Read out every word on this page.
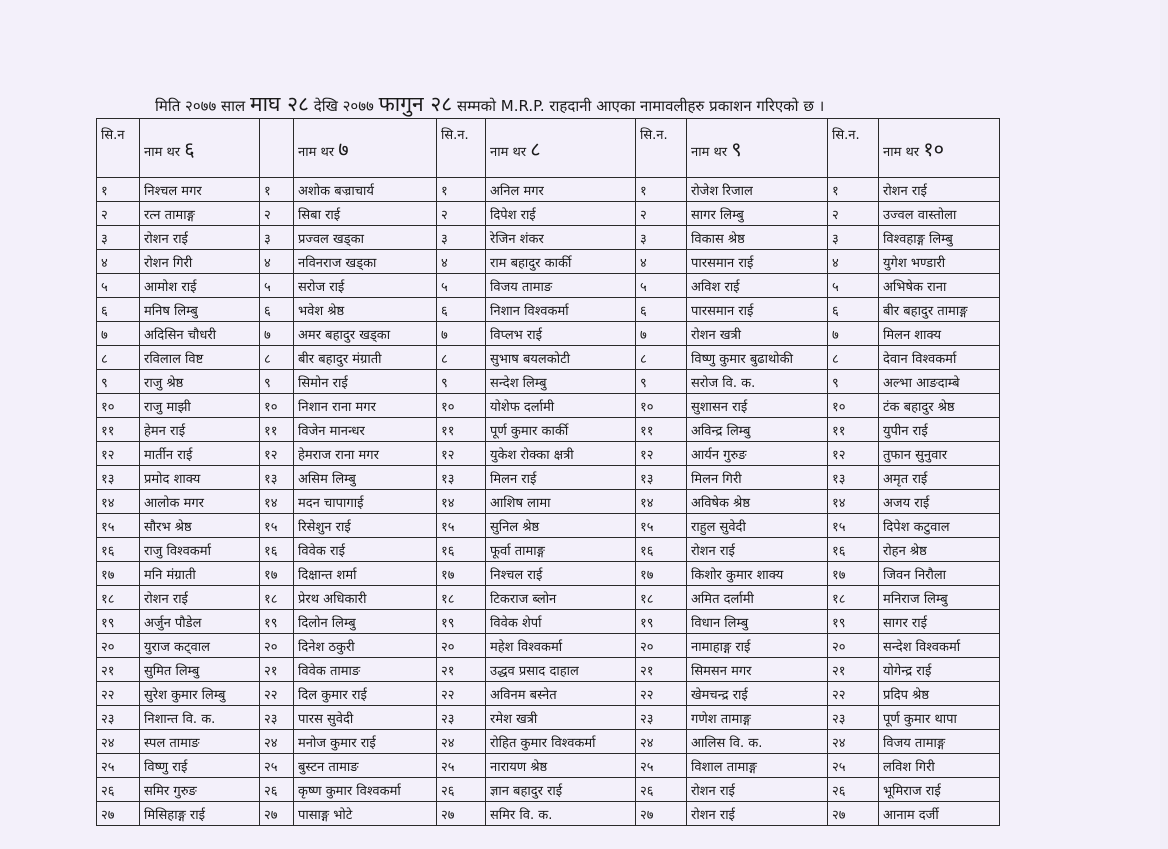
मिति २०७७ साल माघ २८ देखि २०७७ फागुन २८ सम्मको M.R.P. राहदानी आएका नामावलीहरु प्रकाशन गरिएको छ ।
सि.न	नाम थर ६		नाम थर ७	सि.न.	नाम थर ८	सि.न.	नाम थर ९	सि.न.	नाम थर १०
१	निश्चल मगर	१	अशोक बज्राचार्य	१	अनिल मगर	१	रोजेश रिजाल	१	रोशन राई
२	रत्न तामाङ्ग	२	सिबा राई	२	दिपेश राई	२	सागर लिम्बु	२	उज्वल वास्तोला
३	रोशन राई	३	प्रज्वल खड्का	३	रेजिन शंकर	३	विकास श्रेष्ठ	३	विश्वहाङ्ग लिम्बु
४	रोशन गिरी	४	नविनराज खड्का	४	राम बहादुर कार्की	४	पारसमान राई	४	युगेश भण्डारी
५	आमोश राई	५	सरोज राई	५	विजय तामाङ	५	अविश राई	५	अभिषेक राना
६	मनिष लिम्बु	६	भवेश श्रेष्ठ	६	निशान विश्वकर्मा	६	पारसमान राई	६	बीर बहादुर तामाङ्ग
७	अदिसिन चौधरी	७	अमर बहादुर खड्का	७	विप्लभ राई	७	रोशन खत्री	७	मिलन शाक्य
८	रविलाल विष्ट	८	बीर बहादुर मंग्राती	८	सुभाष बयलकोटी	८	विष्णु कुमार बुढाथोकी	८	देवान विश्वकर्मा
९	राजु श्रेष्ठ	९	सिमोन राई	९	सन्देश लिम्बु	९	सरोज वि. क.	९	अल्भा आङदाम्बे
१०	राजु माझी	१०	निशान राना मगर	१०	योशेफ दर्लामी	१०	सुशासन राई	१०	टंक बहादुर श्रेष्ठ
११	हेमन राई	११	विजेन मानन्धर	११	पूर्ण कुमार कार्की	११	अविन्द्र लिम्बु	११	युपीन राई
१२	मार्तीन राई	१२	हेमराज राना मगर	१२	युकेश रोक्का क्षत्री	१२	आर्यन गुरुङ	१२	तुफान सुनुवार
१३	प्रमोद शाक्य	१३	असिम लिम्बु	१३	मिलन राई	१३	मिलन गिरी	१३	अमृत राई
१४	आलोक मगर	१४	मदन चापागाई	१४	आशिष लामा	१४	अविषेक श्रेष्ठ	१४	अजय राई
१५	सौरभ श्रेष्ठ	१५	रिसेशुन राई	१५	सुनिल श्रेष्ठ	१५	राहुल सुवेदी	१५	दिपेश कटुवाल
१६	राजु विश्वकर्मा	१६	विवेक राई	१६	फूर्वा तामाङ्ग	१६	रोशन राई	१६	रोहन श्रेष्ठ
१७	मनि मंग्राती	१७	दिक्षान्त शर्मा	१७	निश्चल राई	१७	किशोर कुमार शाक्य	१७	जिवन निरौला
१८	रोशन राई	१८	प्रेरथ अधिकारी	१८	टिकराज ब्लोन	१८	अमित दर्लामी	१८	मनिराज लिम्बु
१९	अर्जुन पौडेल	१९	दिलोन लिम्बु	१९	विवेक शेर्पा	१९	विधान लिम्बु	१९	सागर राई
२०	युराज कट्वाल	२०	दिनेश ठकुरी	२०	महेश विश्वकर्मा	२०	नामाहाङ्ग राई	२०	सन्देश विश्वकर्मा
२१	सुमित लिम्बु	२१	विवेक तामाङ	२१	उद्धव प्रसाद दाहाल	२१	सिमसन मगर	२१	योगेन्द्र राई
२२	सुरेश कुमार लिम्बु	२२	दिल कुमार राई	२२	अविनम बस्नेत	२२	खेमचन्द्र राई	२२	प्रदिप श्रेष्ठ
२३	निशान्त वि. क.	२३	पारस सुवेदी	२३	रमेश खत्री	२३	गणेश तामाङ्ग	२३	पूर्ण कुमार थापा
२४	स्पल तामाङ	२४	मनोज कुमार राई	२४	रोहित कुमार विश्वकर्मा	२४	आलिस वि. क.	२४	विजय तामाङ्ग
२५	विष्णु राई	२५	बुस्टन तामाङ	२५	नारायण श्रेष्ठ	२५	विशाल तामाङ्ग	२५	लविश गिरी
२६	समिर गुरुङ	२६	कृष्ण कुमार विश्वकर्मा	२६	ज्ञान बहादुर राई	२६	रोशन राई	२६	भूमिराज राई
२७	मिसिहाङ्ग राई	२७	पासाङ्ग भोटे	२७	समिर वि. क.	२७	रोशन राई	२७	आनाम दर्जी
